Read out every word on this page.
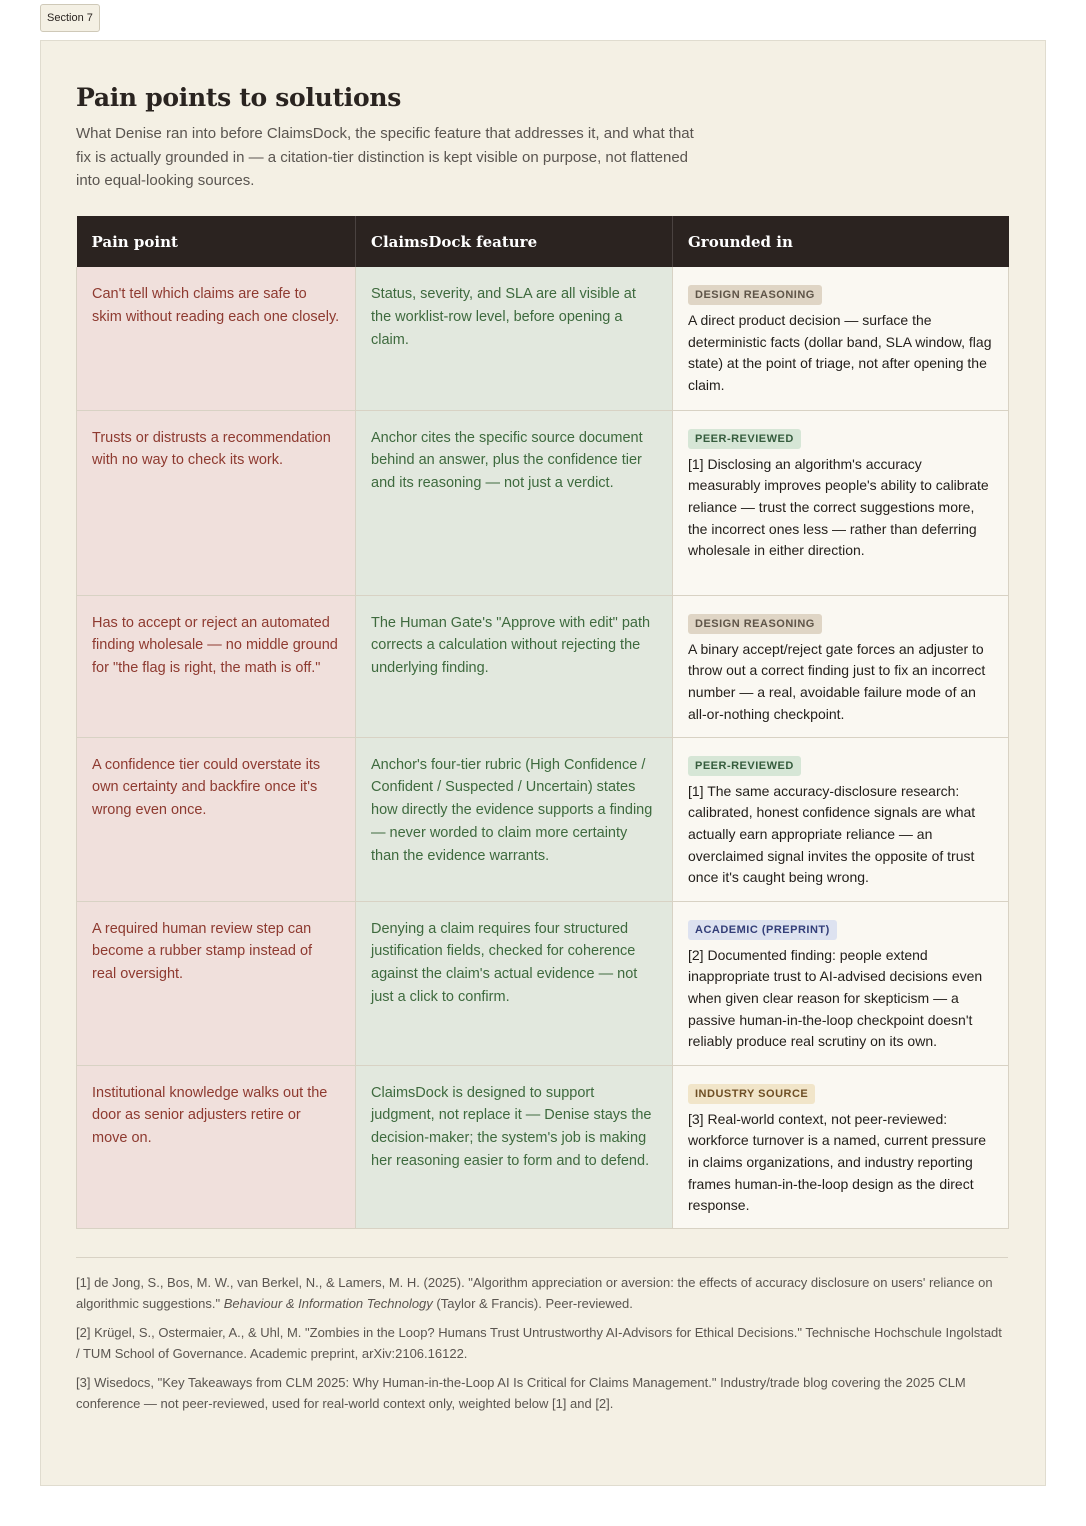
Section 7
Pain points to solutions

What Denise ran into before ClaimsDock, the specific feature that addresses it, and what that fix is actually grounded in — a citation-tier distinction is kept visible on purpose, not flattened into equal-looking sources.

Pain point	ClaimsDock feature	Grounded in
Can't tell which claims are safe to skim without reading each one closely.	Status, severity, and SLA are all visible at the worklist-row level, before opening a claim.	DESIGN REASONING
A direct product decision — surface the deterministic facts (dollar band, SLA window, flag state) at the point of triage, not after opening the claim.

Trusts or distrusts a recommendation with no way to check its work.	Anchor cites the specific source document behind an answer, plus the confidence tier and its reasoning — not just a verdict.	PEER-REVIEWED
[1] Disclosing an algorithm's accuracy measurably improves people's ability to calibrate reliance — trust the correct suggestions more, the incorrect ones less — rather than deferring wholesale in either direction.

Has to accept or reject an automated finding wholesale — no middle ground for "the flag is right, the math is off."	The Human Gate's "Approve with edit" path corrects a calculation without rejecting the underlying finding.	DESIGN REASONING
A binary accept/reject gate forces an adjuster to throw out a correct finding just to fix an incorrect number — a real, avoidable failure mode of an all-or-nothing checkpoint.

A confidence tier could overstate its own certainty and backfire once it's wrong even once.	Anchor's four-tier rubric (High Confidence / Confident / Suspected / Uncertain) states how directly the evidence supports a finding — never worded to claim more certainty than the evidence warrants.	PEER-REVIEWED
[1] The same accuracy-disclosure research: calibrated, honest confidence signals are what actually earn appropriate reliance — an overclaimed signal invites the opposite of trust once it's caught being wrong.

A required human review step can become a rubber stamp instead of real oversight.	Denying a claim requires four structured justification fields, checked for coherence against the claim's actual evidence — not just a click to confirm.	ACADEMIC (PREPRINT)
[2] Documented finding: people extend inappropriate trust to AI-advised decisions even when given clear reason for skepticism — a passive human-in-the-loop checkpoint doesn't reliably produce real scrutiny on its own.

Institutional knowledge walks out the door as senior adjusters retire or move on.	ClaimsDock is designed to support judgment, not replace it — Denise stays the decision-maker; the system's job is making her reasoning easier to form and to defend.	INDUSTRY SOURCE
[3] Real-world context, not peer-reviewed: workforce turnover is a named, current pressure in claims organizations, and industry reporting frames human-in-the-loop design as the direct response.

[1] de Jong, S., Bos, M. W., van Berkel, N., & Lamers, M. H. (2025). "Algorithm appreciation or aversion: the effects of accuracy disclosure on users' reliance on algorithmic suggestions." Behaviour & Information Technology (Taylor & Francis). Peer-reviewed.

[2] Krügel, S., Ostermaier, A., & Uhl, M. "Zombies in the Loop? Humans Trust Untrustworthy AI-Advisors for Ethical Decisions." Technische Hochschule Ingolstadt / TUM School of Governance. Academic preprint, arXiv:2106.16122.

[3] Wisedocs, "Key Takeaways from CLM 2025: Why Human-in-the-Loop AI Is Critical for Claims Management." Industry/trade blog covering the 2025 CLM conference — not peer-reviewed, used for real-world context only, weighted below [1] and [2].
